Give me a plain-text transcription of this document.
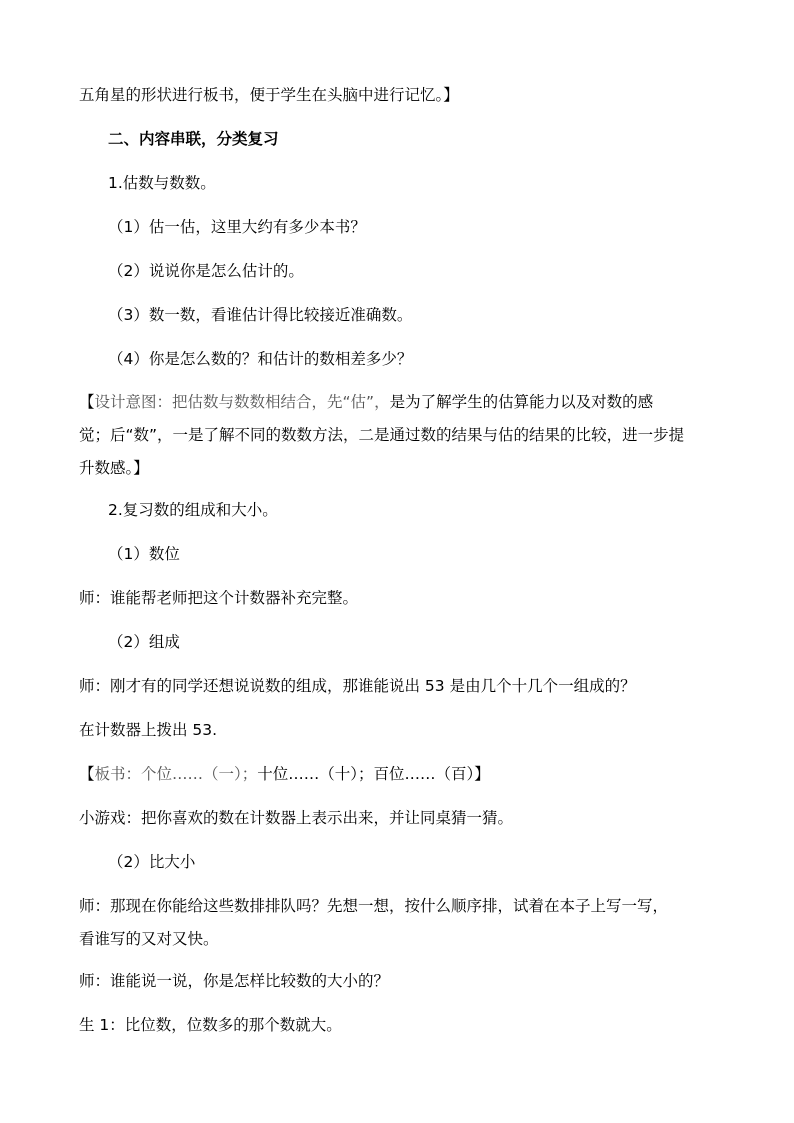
五角星的形状进行板书，便于学生在头脑中进行记忆。】

二、内容串联，分类复习

1.估数与数数。

（1）估一估，这里大约有多少本书？

（2）说说你是怎么估计的。

（3）数一数，看谁估计得比较接近准确数。

（4）你是怎么数的？和估计的数相差多少？

【设计意图：把估数与数数相结合，先“估”，是为了解学生的估算能力以及对数的感

觉；后“数”，一是了解不同的数数方法，二是通过数的结果与估的结果的比较，进一步提

升数感。】

2.复习数的组成和大小。

（1）数位

师：谁能帮老师把这个计数器补充完整。

（2）组成

师：刚才有的同学还想说说数的组成，那谁能说出 53 是由几个十几个一组成的？

在计数器上拨出 53.

【板书：个位……（一）；十位……（十）；百位……（百）】

小游戏：把你喜欢的数在计数器上表示出来，并让同桌猜一猜。

（2）比大小

师：那现在你能给这些数排排队吗？先想一想，按什么顺序排，试着在本子上写一写，

看谁写的又对又快。

师：谁能说一说，你是怎样比较数的大小的？

生 1：比位数，位数多的那个数就大。
